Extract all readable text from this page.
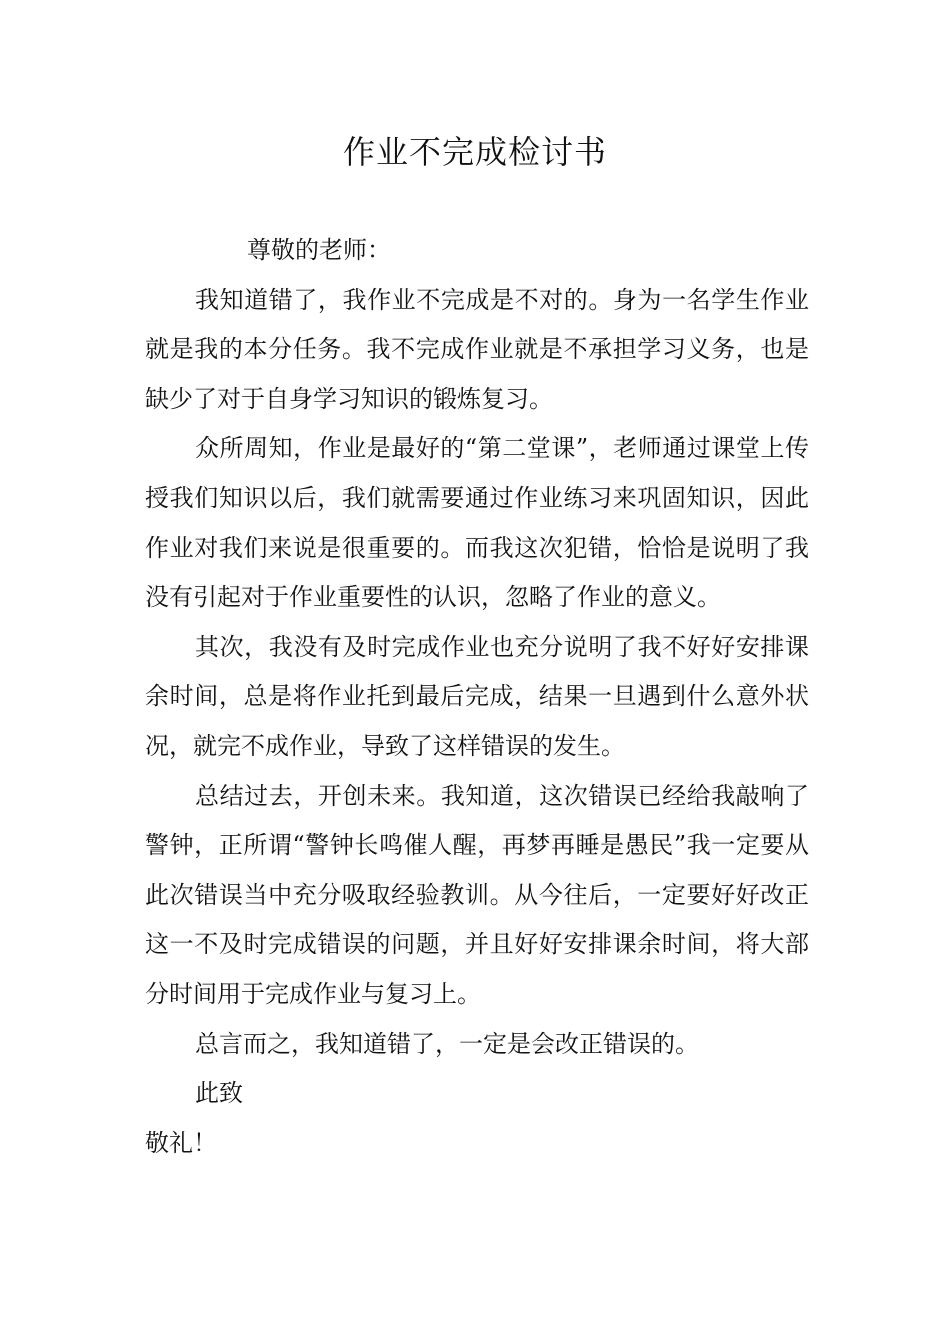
作业不完成检讨书

尊敬的老师：

我知道错了，我作业不完成是不对的。身为一名学生作业就是我的本分任务。我不完成作业就是不承担学习义务，也是缺少了对于自身学习知识的锻炼复习。

众所周知，作业是最好的“第二堂课”，老师通过课堂上传授我们知识以后，我们就需要通过作业练习来巩固知识，因此作业对我们来说是很重要的。而我这次犯错，恰恰是说明了我没有引起对于作业重要性的认识，忽略了作业的意义。

其次，我没有及时完成作业也充分说明了我不好好安排课余时间，总是将作业托到最后完成，结果一旦遇到什么意外状况，就完不成作业，导致了这样错误的发生。

总结过去，开创未来。我知道，这次错误已经给我敲响了警钟，正所谓“警钟长鸣催人醒，再梦再睡是愚民”我一定要从此次错误当中充分吸取经验教训。从今往后，一定要好好改正这一不及时完成错误的问题，并且好好安排课余时间，将大部分时间用于完成作业与复习上。

总言而之，我知道错了，一定是会改正错误的。

此致

敬礼！
